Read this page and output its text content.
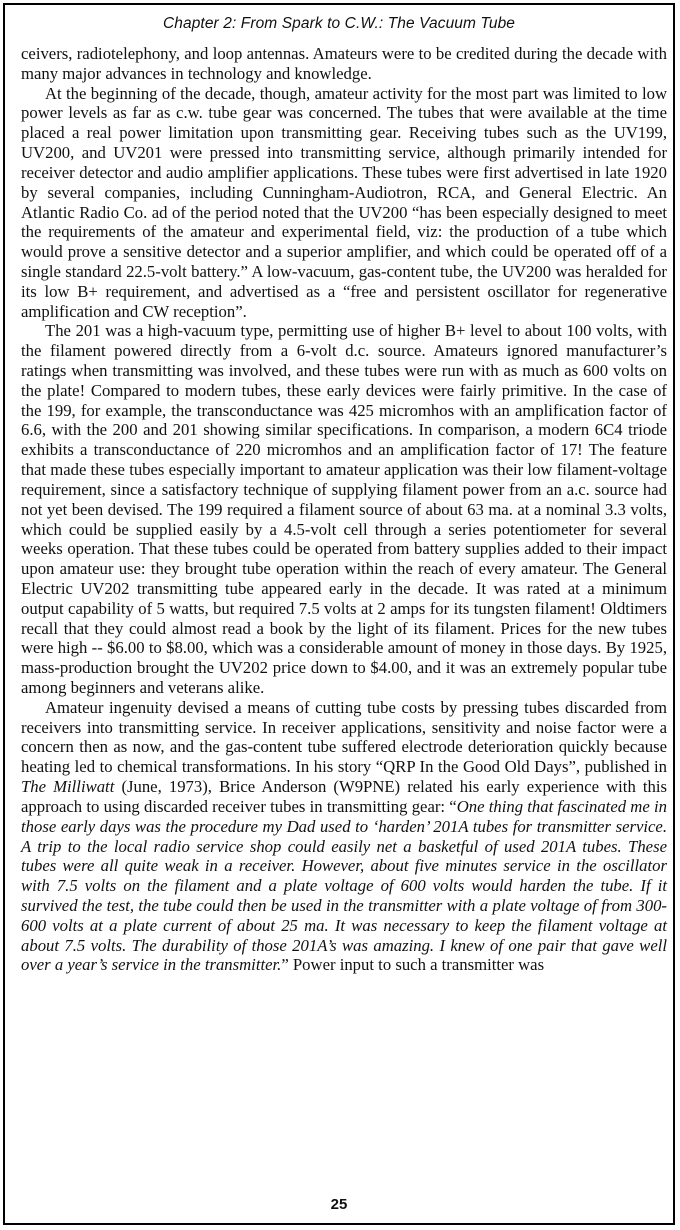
Chapter 2: From Spark to C.W.: The Vacuum Tube

ceivers, radiotelephony, and loop antennas. Amateurs were to be credited during the decade with many major advances in technology and knowledge.

At the beginning of the decade, though, amateur activity for the most part was limited to low power levels as far as c.w. tube gear was concerned. The tubes that were available at the time placed a real power limitation upon transmitting gear. Receiving tubes such as the UV199, UV200, and UV201 were pressed into transmitting service, although primarily intended for receiver detector and audio amplifier applications. These tubes were first advertised in late 1920 by several companies, including Cunningham-Audiotron, RCA, and General Electric. An Atlantic Radio Co. ad of the period noted that the UV200 “has been especially designed to meet the requirements of the amateur and experimental field, viz: the production of a tube which would prove a sensitive detector and a superior amplifier, and which could be operated off of a single standard 22.5-volt battery.” A low-vacuum, gas-content tube, the UV200 was heralded for its low B+ requirement, and advertised as a “free and persistent oscillator for regenerative amplification and CW reception”.

The 201 was a high-vacuum type, permitting use of higher B+ level to about 100 volts, with the filament powered directly from a 6-volt d.c. source. Amateurs ignored manufacturer’s ratings when transmitting was involved, and these tubes were run with as much as 600 volts on the plate! Compared to modern tubes, these early devices were fairly primitive. In the case of the 199, for example, the transconductance was 425 micromhos with an amplification factor of 6.6, with the 200 and 201 showing similar specifications. In comparison, a modern 6C4 triode exhibits a transconductance of 220 micromhos and an amplification factor of 17! The feature that made these tubes especially important to amateur application was their low filament-voltage requirement, since a satisfactory technique of supplying filament power from an a.c. source had not yet been devised. The 199 required a filament source of about 63 ma. at a nominal 3.3 volts, which could be supplied easily by a 4.5-volt cell through a series potentiometer for several weeks operation. That these tubes could be operated from battery supplies added to their impact upon amateur use: they brought tube operation within the reach of every amateur. The General Electric UV202 transmitting tube appeared early in the decade. It was rated at a minimum output capability of 5 watts, but required 7.5 volts at 2 amps for its tungsten filament! Oldtimers recall that they could almost read a book by the light of its filament. Prices for the new tubes were high -- $6.00 to $8.00, which was a considerable amount of money in those days. By 1925, mass-production brought the UV202 price down to $4.00, and it was an extremely popular tube among beginners and veterans alike.

Amateur ingenuity devised a means of cutting tube costs by pressing tubes discarded from receivers into transmitting service. In receiver applications, sensitivity and noise factor were a concern then as now, and the gas-content tube suffered electrode deterioration quickly because heating led to chemical transformations. In his story “QRP In the Good Old Days”, published in The Milliwatt (June, 1973), Brice Anderson (W9PNE) related his early experience with this approach to using discarded receiver tubes in transmitting gear: “One thing that fascinated me in those early days was the procedure my Dad used to ‘harden’ 201A tubes for transmitter service. A trip to the local radio service shop could easily net a basketful of used 201A tubes. These tubes were all quite weak in a receiver. However, about five minutes service in the oscillator with 7.5 volts on the filament and a plate voltage of 600 volts would harden the tube. If it survived the test, the tube could then be used in the transmitter with a plate voltage of from 300-600 volts at a plate current of about 25 ma. It was necessary to keep the filament voltage at about 7.5 volts. The durability of those 201A’s was amazing. I knew of one pair that gave well over a year’s service in the transmitter.” Power input to such a transmitter was

25
